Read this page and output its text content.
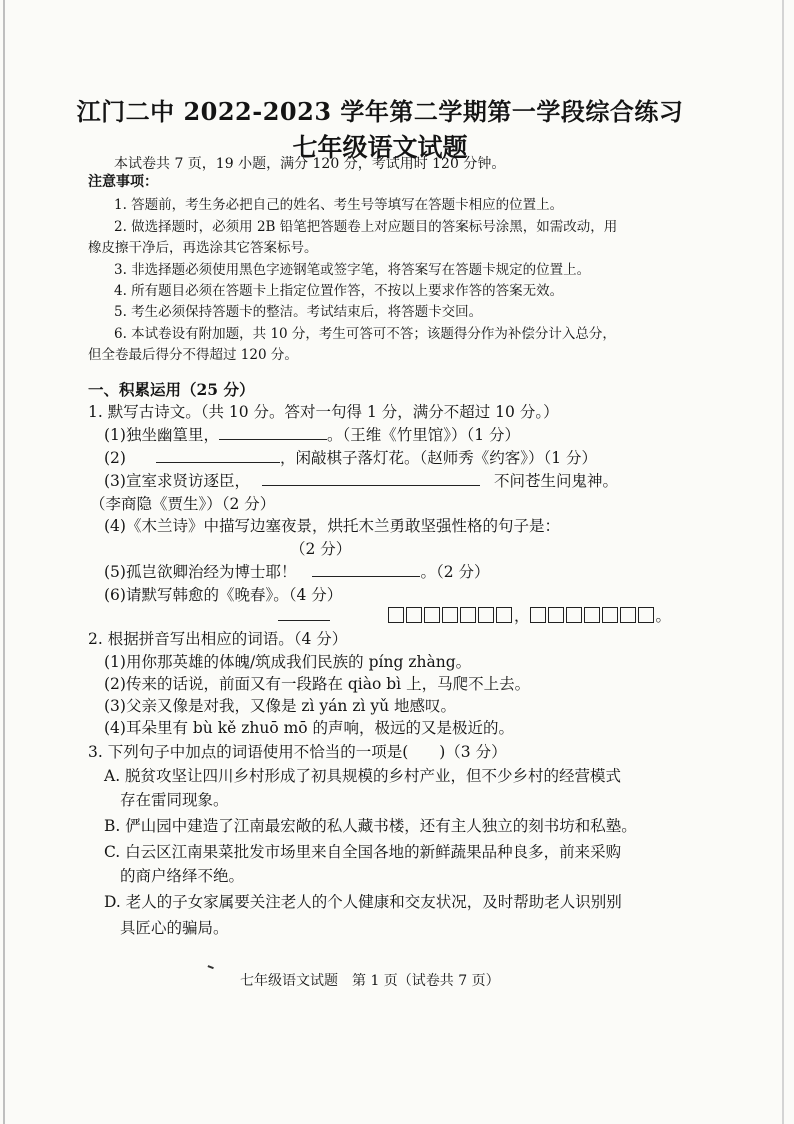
江门二中 2022-2023 学年第二学期第一学段综合练习
七年级语文试题
本试卷共 7 页，19 小题，满分 120 分，考试用时 120 分钟。
注意事项：
1. 答题前，考生务必把自己的姓名、考生号等填写在答题卡相应的位置上。
2. 做选择题时，必须用 2B 铅笔把答题卷上对应题目的答案标号涂黑，如需改动，用
橡皮擦干净后，再选涂其它答案标号。
3. 非选择题必须使用黑色字迹钢笔或签字笔，将答案写在答题卡规定的位置上。
4. 所有题目必须在答题卡上指定位置作答，不按以上要求作答的答案无效。
5. 考生必须保持答题卡的整洁。考试结束后，将答题卡交回。
6. 本试卷设有附加题，共 10 分，考生可答可不答；该题得分作为补偿分计入总分，
但全卷最后得分不得超过 120 分。
一、积累运用（25 分）
1. 默写古诗文。（共 10 分。答对一句得 1 分，满分不超过 10 分。）
(1)独坐幽篁里，	。（王维《竹里馆》）（1 分）
(2)	，闲敲棋子落灯花。（赵师秀《约客》）（1 分）
(3)宣室求贤访逐臣，	不问苍生问鬼神。
（李商隐《贾生》）（2 分）
(4)《木兰诗》中描写边塞夜景，烘托木兰勇敢坚强性格的句子是：
（2 分）
(5)孤岂欲卿治经为博士耶！	。（2 分）
(6)请默写韩愈的《晚春》。（4 分）
，	。
2. 根据拼音写出相应的词语。（4 分）
(1)用你那英雄的体魄/筑成我们民族的 píng zhàng。
(2)传来的话说，前面又有一段路在 qiào bì 上，马爬不上去。
(3)父亲又像是对我，又像是 zì yán zì yǔ 地感叹。
(4)耳朵里有 bù kě zhuō mō 的声响，极远的又是极近的。
3. 下列句子中加点的词语使用不恰当的一项是(　　)（3 分）
A. 脱贫攻坚让四川乡村形成了初具规模的乡村产业，但不少乡村的经营模式
存在雷同现象。
B. 俨山园中建造了江南最宏敞的私人藏书楼，还有主人独立的刻书坊和私塾。
C. 白云区江南果菜批发市场里来自全国各地的新鲜蔬果品种良多，前来采购
的商户络绎不绝。
D. 老人的子女家属要关注老人的个人健康和交友状况，及时帮助老人识别别
具匠心的骗局。
七年级语文试题　第 1 页（试卷共 7 页）
